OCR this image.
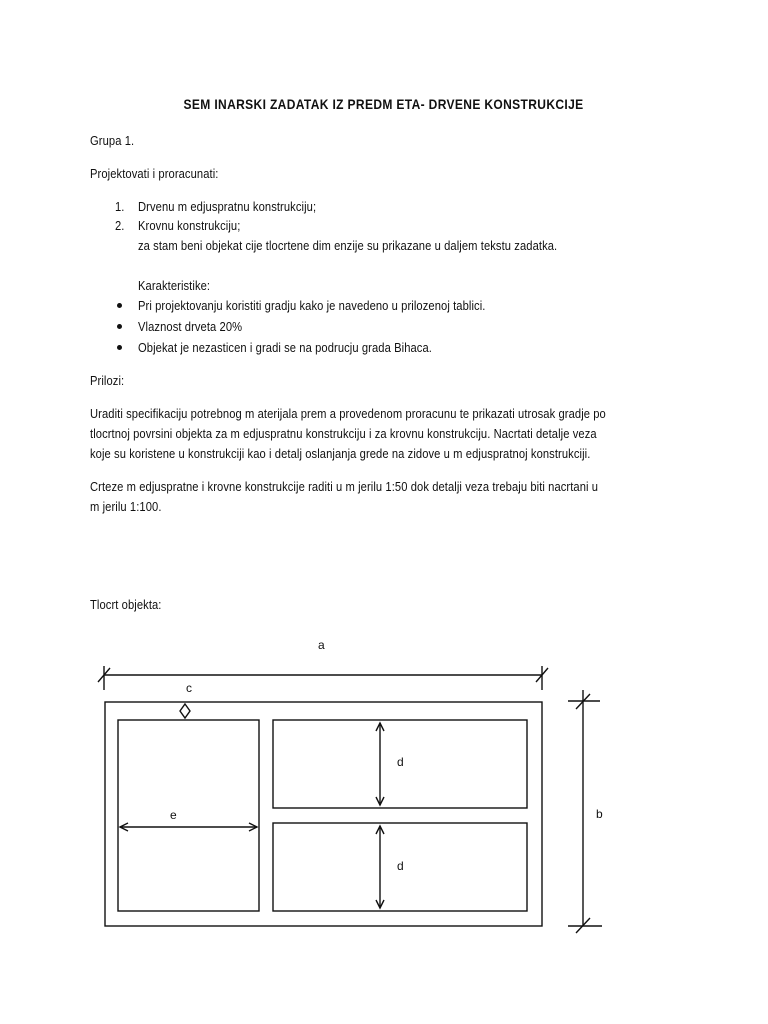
SEM INARSKI ZADATAK IZ PREDM ETA- DRVENE KONSTRUKCIJE
Grupa 1.
Projektovati i proracunati:
1. Drvenu m edjuspratnu konstrukciju;
2. Krovnu konstrukciju;
za stam beni objekat cije tlocrtene dim enzije su prikazane u daljem tekstu zadatka.
Karakteristike:
Pri projektovanju koristiti gradju kako je navedeno u prilozenoj tablici.
Vlaznost drveta 20%
Objekat je nezasticen i gradi se na podrucju grada Bihaca.
Prilozi:
Uraditi specifikaciju potrebnog m aterijala prem a provedenom proracunu te prikazati utrosak gradje po
tlocrtnoj povrsini objekta za m edjuspratnu konstrukciju i za krovnu konstrukciju. Nacrtati detalje veza
koje su koristene u konstrukciji kao i detalj oslanjanja grede na zidove u m edjuspratnoj konstrukciji.
Crteze m edjuspratne i krovne konstrukcije raditi u m jerilu 1:50 dok detalji veza trebaju biti nacrtani u
m jerilu 1:100.
Tlocrt objekta:
a
c
d
d
e	b
